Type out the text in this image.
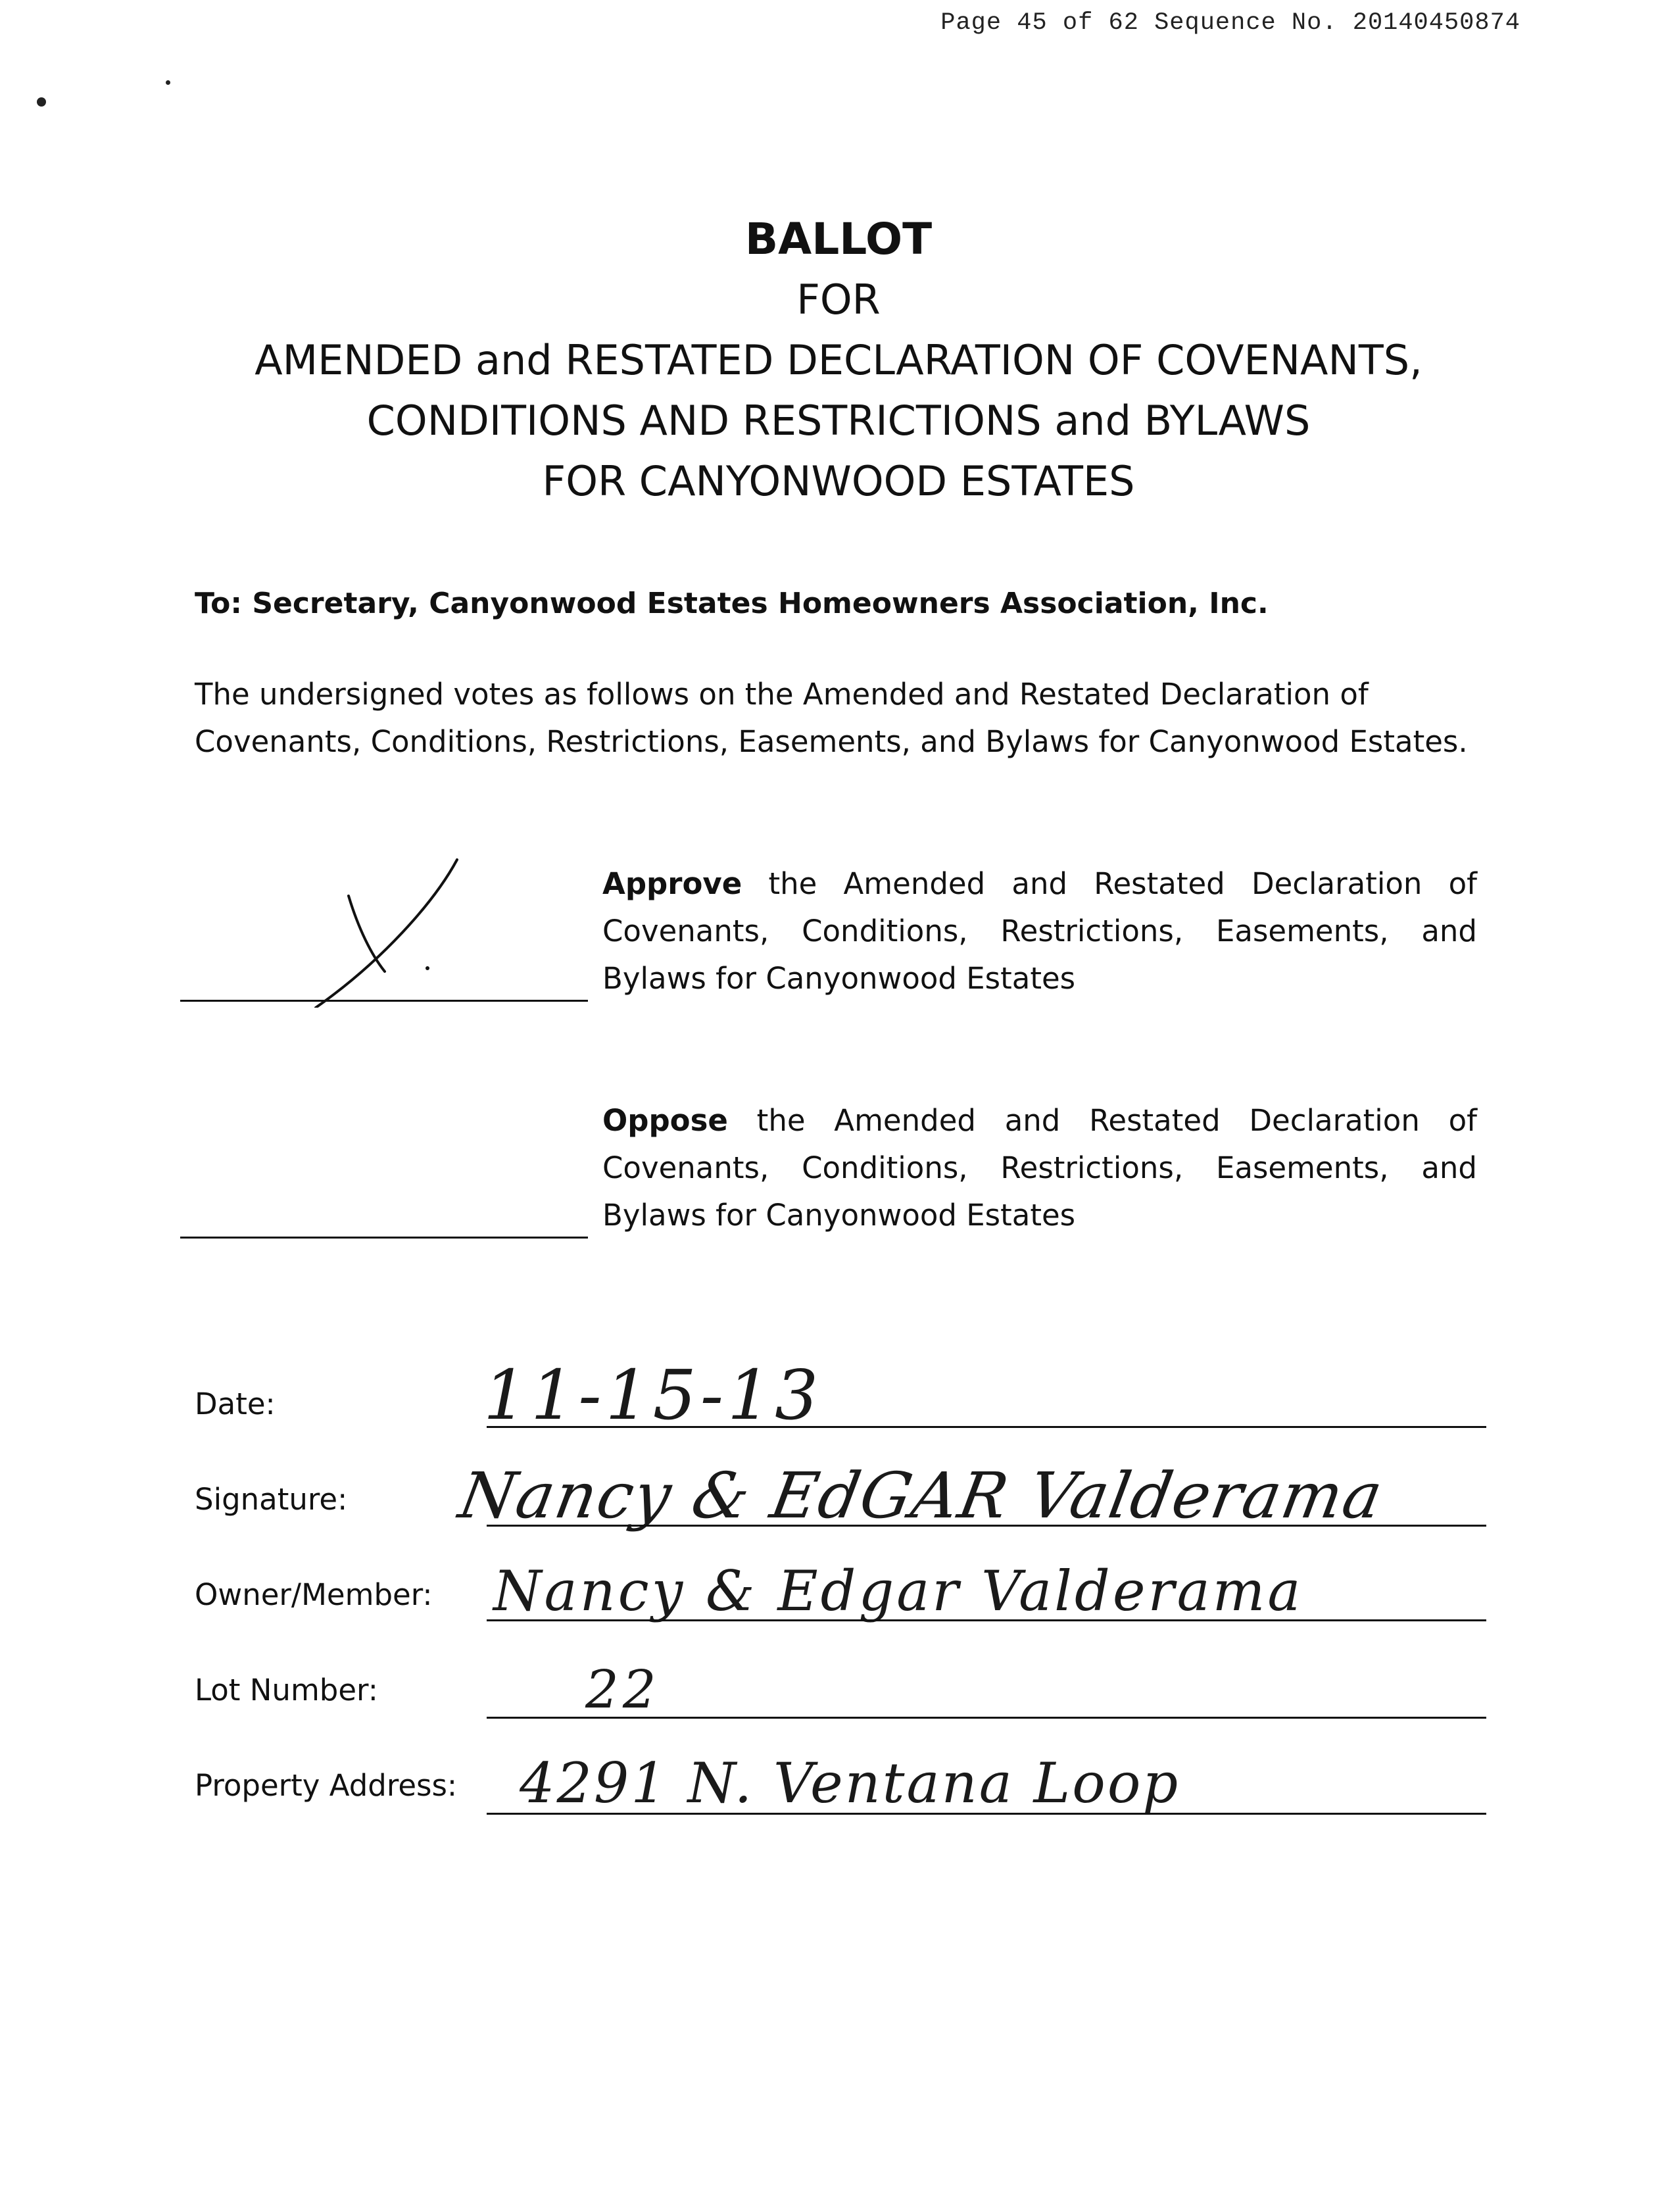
Page 45 of 62 Sequence No. 20140450874
BALLOT
FOR
AMENDED and RESTATED DECLARATION OF COVENANTS,
CONDITIONS AND RESTRICTIONS and BYLAWS
FOR CANYONWOOD ESTATES
To: Secretary, Canyonwood Estates Homeowners Association, Inc.
The undersigned votes as follows on the Amended and Restated Declaration of Covenants, Conditions, Restrictions, Easements, and Bylaws for Canyonwood Estates.
Approve the Amended and Restated Declaration of Covenants, Conditions, Restrictions, Easements, and Bylaws for Canyonwood Estates
Oppose the Amended and Restated Declaration of Covenants, Conditions, Restrictions, Easements, and Bylaws for Canyonwood Estates
Date:	11-15-13
Signature: Nancy & EdGAR Valderama
Owner/Member: Nancy & Edgar Valderama
Lot Number:	22
Property Address: 4291 N. Ventana Loop
